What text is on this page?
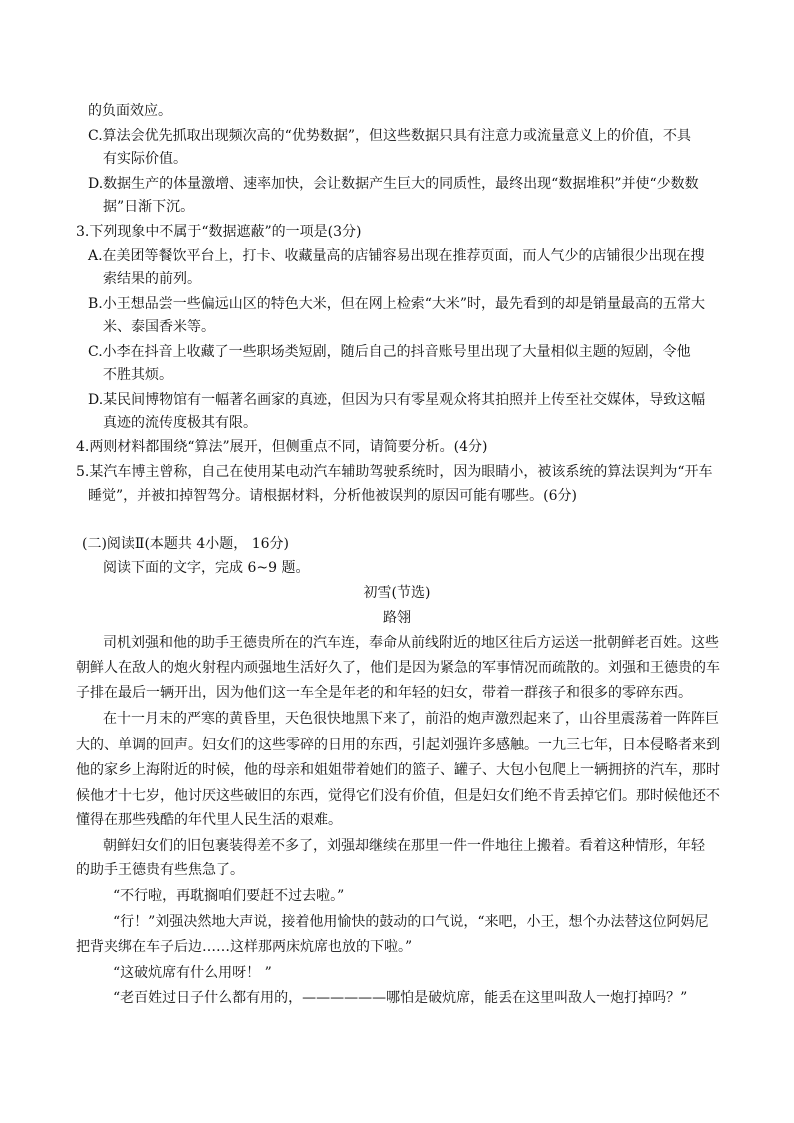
的负面效应。
C.算法会优先抓取出现频次高的“优势数据”，但这些数据只具有注意力或流量意义上的价值，不具
有实际价值。
D.数据生产的体量激增、速率加快，会让数据产生巨大的同质性，最终出现“数据堆积”并使“少数数
据”日渐下沉。
3.下列现象中不属于“数据遮蔽”的一项是(3分)
A.在美团等餐饮平台上，打卡、收藏量高的店铺容易出现在推荐页面，而人气少的店铺很少出现在搜
索结果的前列。
B.小王想品尝一些偏远山区的特色大米，但在网上检索“大米”时，最先看到的却是销量最高的五常大
米、泰国香米等。
C.小李在抖音上收藏了一些职场类短剧，随后自己的抖音账号里出现了大量相似主题的短剧，令他
不胜其烦。
D.某民间博物馆有一幅著名画家的真迹，但因为只有零星观众将其拍照并上传至社交媒体，导致这幅
真迹的流传度极其有限。
4.两则材料都围绕“算法”展开，但侧重点不同，请简要分析。(4分)
5.某汽车博主曾称，自己在使用某电动汽车辅助驾驶系统时，因为眼睛小，被该系统的算法误判为“开车
睡觉”，并被扣掉智驾分。请根据材料，分析他被误判的原因可能有哪些。(6分)
(二)阅读Ⅱ(本题共 4小题， 16分)
阅读下面的文字，完成 6~9 题。
初雪(节选)
路翎
司机刘强和他的助手王德贵所在的汽车连，奉命从前线附近的地区往后方运送一批朝鲜老百姓。这些
朝鲜人在敌人的炮火射程内顽强地生活好久了，他们是因为紧急的军事情况而疏散的。刘强和王德贵的车
子排在最后一辆开出，因为他们这一车全是年老的和年轻的妇女，带着一群孩子和很多的零碎东西。
在十一月末的严寒的黄昏里，天色很快地黑下来了，前沿的炮声激烈起来了，山谷里震荡着一阵阵巨
大的、单调的回声。妇女们的这些零碎的日用的东西，引起刘强许多感触。一九三七年，日本侵略者来到
他的家乡上海附近的时候，他的母亲和姐姐带着她们的篮子、罐子、大包小包爬上一辆拥挤的汽车，那时
候他才十七岁，他讨厌这些破旧的东西，觉得它们没有价值，但是妇女们绝不肯丢掉它们。那时候他还不
懂得在那些残酷的年代里人民生活的艰难。
朝鲜妇女们的旧包裹装得差不多了，刘强却继续在那里一件一件地往上搬着。看着这种情形，年轻
的助手王德贵有些焦急了。
“不行啦，再耽搁咱们要赶不过去啦。”
“行！”刘强决然地大声说，接着他用愉快的鼓动的口气说，“来吧，小王，想个办法替这位阿妈尼
把背夹绑在车子后边……这样那两床炕席也放的下啦。”
“这破炕席有什么用呀！ ”
“老百姓过日子什么都有用的，——————哪怕是破炕席，能丢在这里叫敌人一炮打掉吗？”
